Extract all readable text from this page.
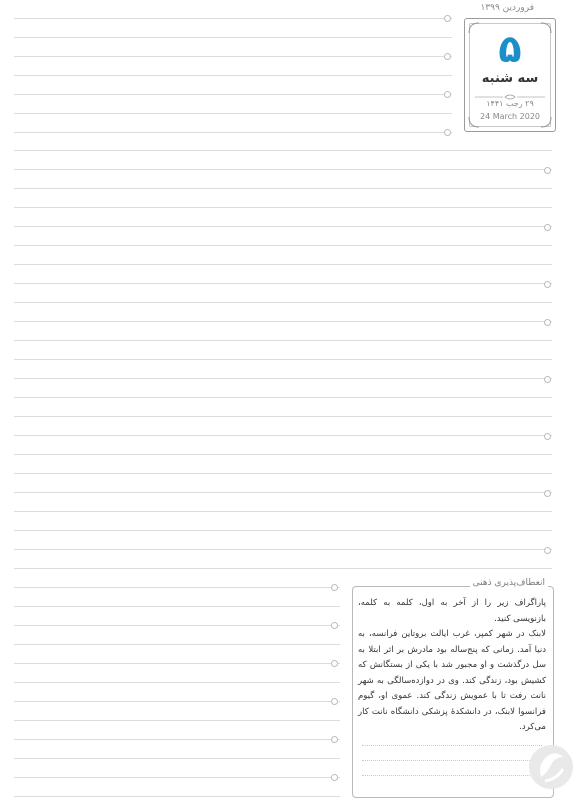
فروردین ۱۳۹۹
۵
سه شنبه
۲۹ رجب ۱۴۴۱
24 March 2020
انعطاف‌پذیری ذهنی

پاراگراف زیر را از آخر به اول، کلمه به کلمه، بازنویسی کنید.

لابنک در شهر کمپر، غرب ایالت بروتاین فرانسه، به دنیا آمد. زمانی که پنج‌ساله بود مادرش بر اثر ابتلا به سل درگذشت و او مجبور شد با یکی از بستگانش که کشیش بود، زندگی کند. وی در دوازده‌سالگی به شهر نانت رفت تا با عمویش زندگی کند. عموی او، گیوم فرانسوا لابنک، در دانشکدهٔ پزشکی دانشگاه نانت کار می‌کرد.
